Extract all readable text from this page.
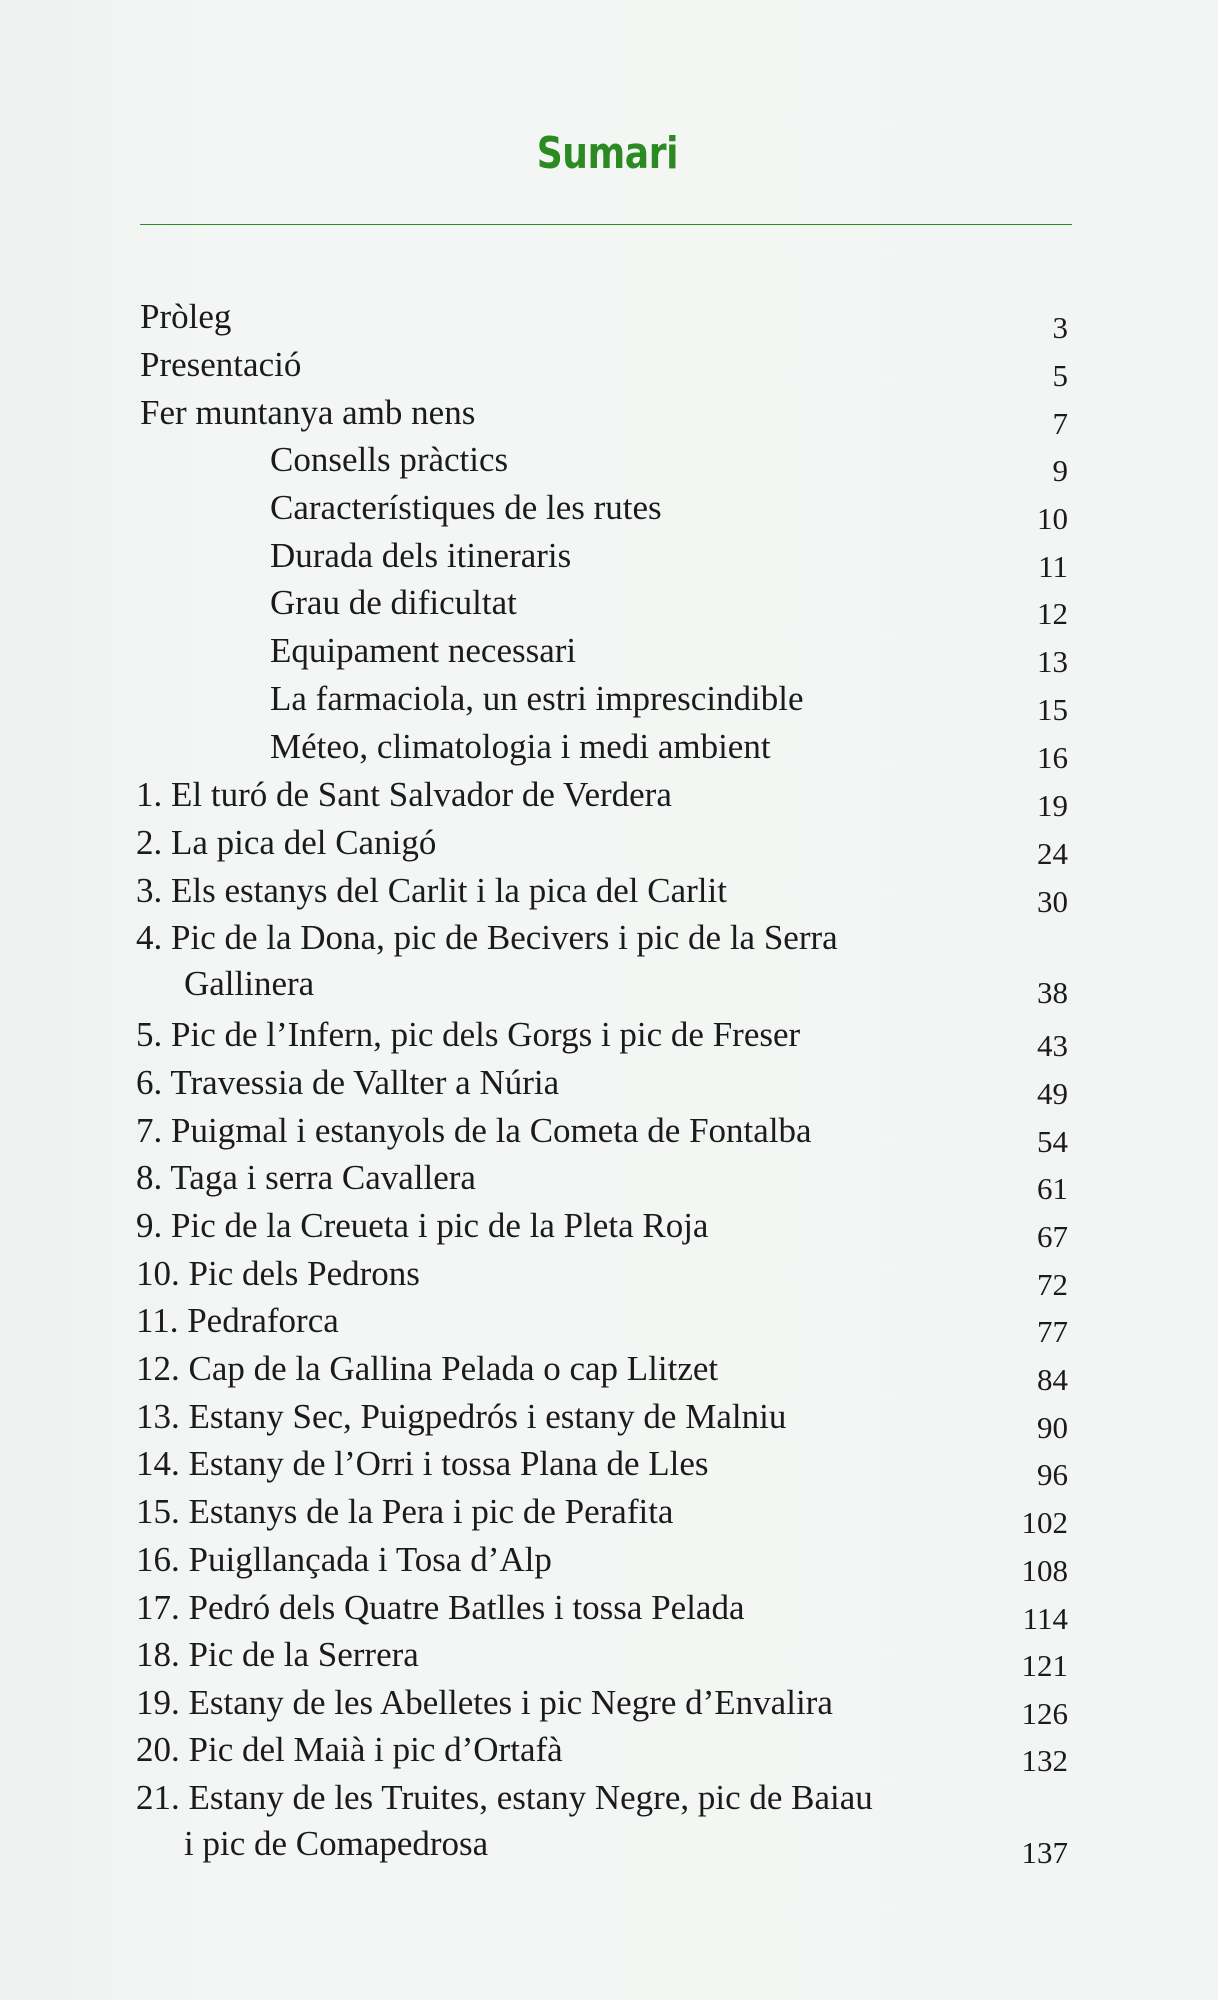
Sumari
Pròleg	3
Presentació	5
Fer muntanya amb nens	7
Consells pràctics	9
Característiques de les rutes	10
Durada dels itineraris	11
Grau de dificultat	12
Equipament necessari	13
La farmaciola, un estri imprescindible	15
Méteo, climatologia i medi ambient	16
1. El turó de Sant Salvador de Verdera	19
2. La pica del Canigó	24
3. Els estanys del Carlit i la pica del Carlit	30
4. Pic de la Dona, pic de Becivers i pic de la Serra
Gallinera	38
5. Pic de l’Infern, pic dels Gorgs i pic de Freser	43
6. Travessia de Vallter a Núria	49
7. Puigmal i estanyols de la Cometa de Fontalba	54
8. Taga i serra Cavallera	61
9. Pic de la Creueta i pic de la Pleta Roja	67
10. Pic dels Pedrons	72
11. Pedraforca	77
12. Cap de la Gallina Pelada o cap Llitzet	84
13. Estany Sec, Puigpedrós i estany de Malniu	90
14. Estany de l’Orri i tossa Plana de Lles	96
15. Estanys de la Pera i pic de Perafita	102
16. Puigllançada i Tosa d’Alp	108
17. Pedró dels Quatre Batlles i tossa Pelada	114
18. Pic de la Serrera	121
19. Estany de les Abelletes i pic Negre d’Envalira	126
20. Pic del Maià i pic d’Ortafà	132
21. Estany de les Truites, estany Negre, pic de Baiau
i pic de Comapedrosa	137
